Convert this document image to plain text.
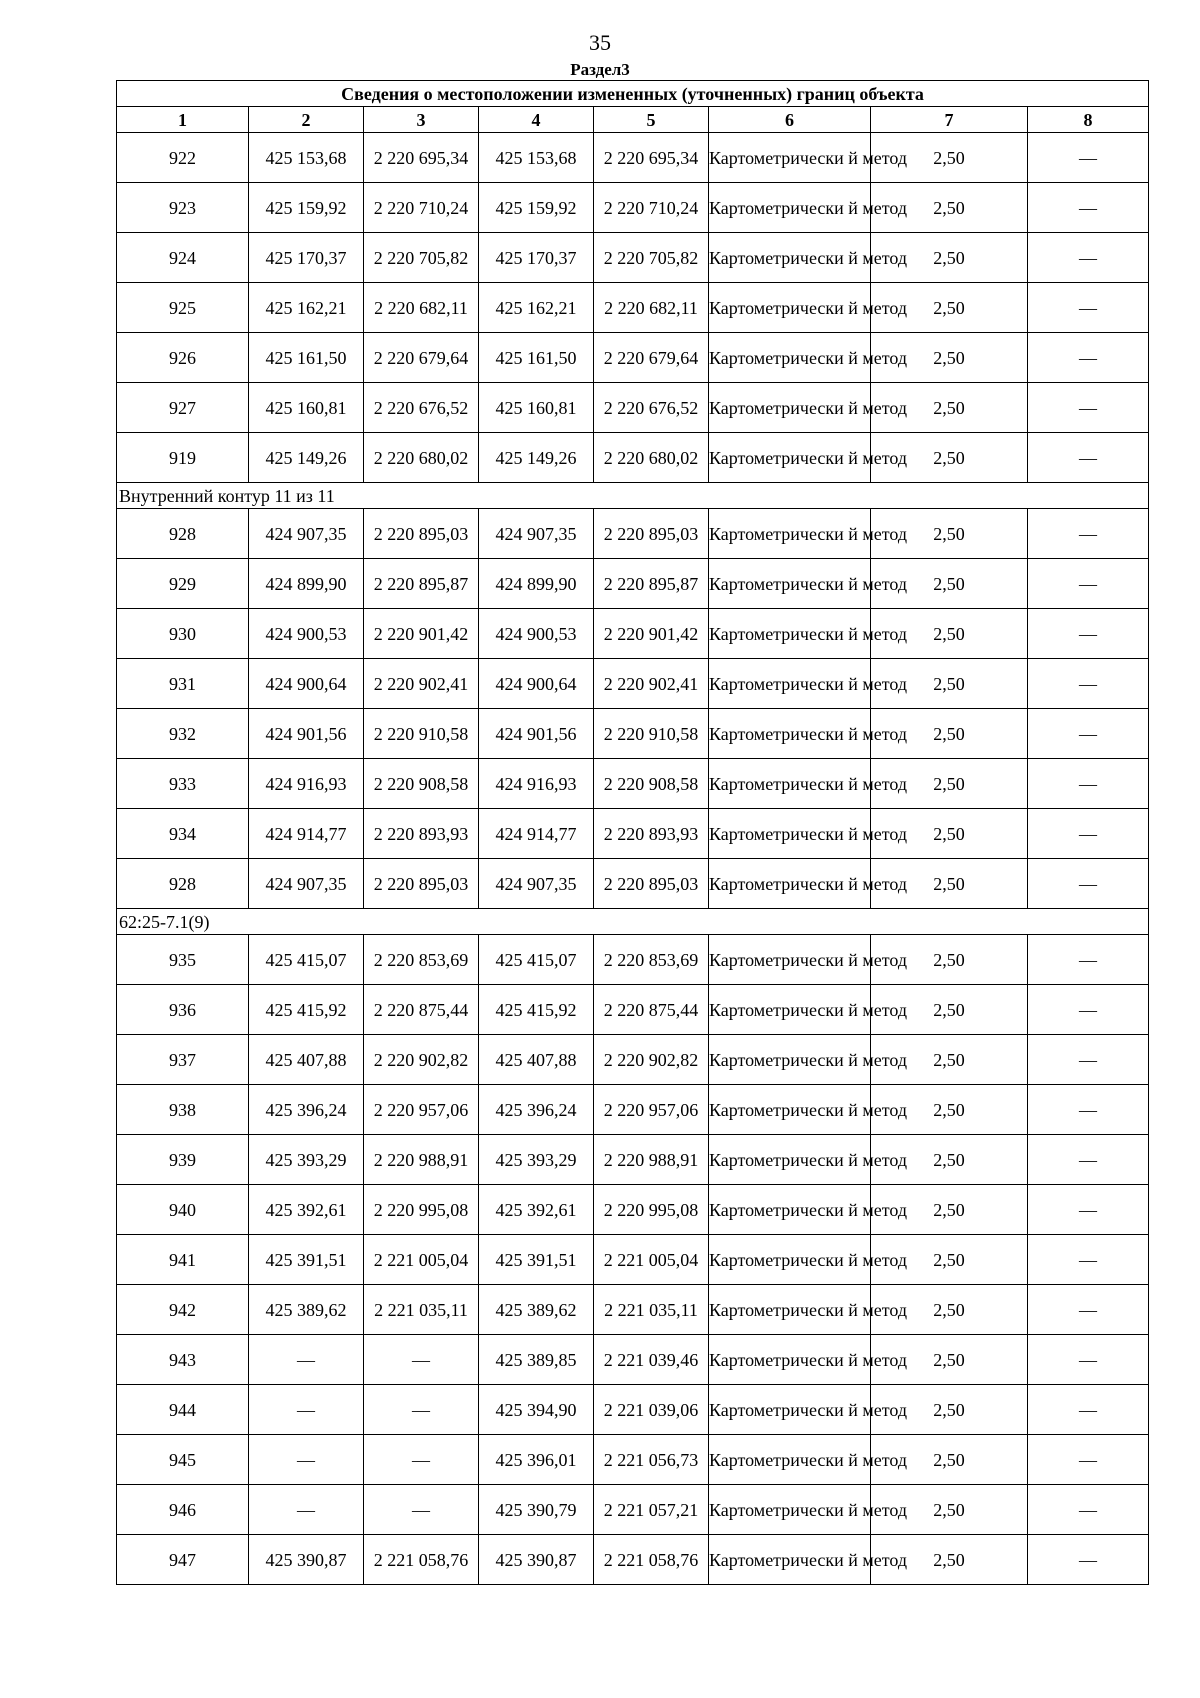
35
Раздел3
Сведения о местоположении измененных (уточненных) границ объекта							
1	2	3	4	5	6	7	8
922	425 153,68	2 220 695,34	425 153,68	2 220 695,34	Картометрически й метод	2,50	—
923	425 159,92	2 220 710,24	425 159,92	2 220 710,24	Картометрически й метод	2,50	—
924	425 170,37	2 220 705,82	425 170,37	2 220 705,82	Картометрически й метод	2,50	—
925	425 162,21	2 220 682,11	425 162,21	2 220 682,11	Картометрически й метод	2,50	—
926	425 161,50	2 220 679,64	425 161,50	2 220 679,64	Картометрически й метод	2,50	—
927	425 160,81	2 220 676,52	425 160,81	2 220 676,52	Картометрически й метод	2,50	—
919	425 149,26	2 220 680,02	425 149,26	2 220 680,02	Картометрически й метод	2,50	—
Внутренний контур 11 из 11							
928	424 907,35	2 220 895,03	424 907,35	2 220 895,03	Картометрически й метод	2,50	—
929	424 899,90	2 220 895,87	424 899,90	2 220 895,87	Картометрически й метод	2,50	—
930	424 900,53	2 220 901,42	424 900,53	2 220 901,42	Картометрически й метод	2,50	—
931	424 900,64	2 220 902,41	424 900,64	2 220 902,41	Картометрически й метод	2,50	—
932	424 901,56	2 220 910,58	424 901,56	2 220 910,58	Картометрически й метод	2,50	—
933	424 916,93	2 220 908,58	424 916,93	2 220 908,58	Картометрически й метод	2,50	—
934	424 914,77	2 220 893,93	424 914,77	2 220 893,93	Картометрически й метод	2,50	—
928	424 907,35	2 220 895,03	424 907,35	2 220 895,03	Картометрически й метод	2,50	—
62:25-7.1(9)							
935	425 415,07	2 220 853,69	425 415,07	2 220 853,69	Картометрически й метод	2,50	—
936	425 415,92	2 220 875,44	425 415,92	2 220 875,44	Картометрически й метод	2,50	—
937	425 407,88	2 220 902,82	425 407,88	2 220 902,82	Картометрически й метод	2,50	—
938	425 396,24	2 220 957,06	425 396,24	2 220 957,06	Картометрически й метод	2,50	—
939	425 393,29	2 220 988,91	425 393,29	2 220 988,91	Картометрически й метод	2,50	—
940	425 392,61	2 220 995,08	425 392,61	2 220 995,08	Картометрически й метод	2,50	—
941	425 391,51	2 221 005,04	425 391,51	2 221 005,04	Картометрически й метод	2,50	—
942	425 389,62	2 221 035,11	425 389,62	2 221 035,11	Картометрически й метод	2,50	—
943	—	—	425 389,85	2 221 039,46	Картометрически й метод	2,50	—
944	—	—	425 394,90	2 221 039,06	Картометрически й метод	2,50	—
945	—	—	425 396,01	2 221 056,73	Картометрически й метод	2,50	—
946	—	—	425 390,79	2 221 057,21	Картометрически й метод	2,50	—
947	425 390,87	2 221 058,76	425 390,87	2 221 058,76	Картометрически й метод	2,50	—
